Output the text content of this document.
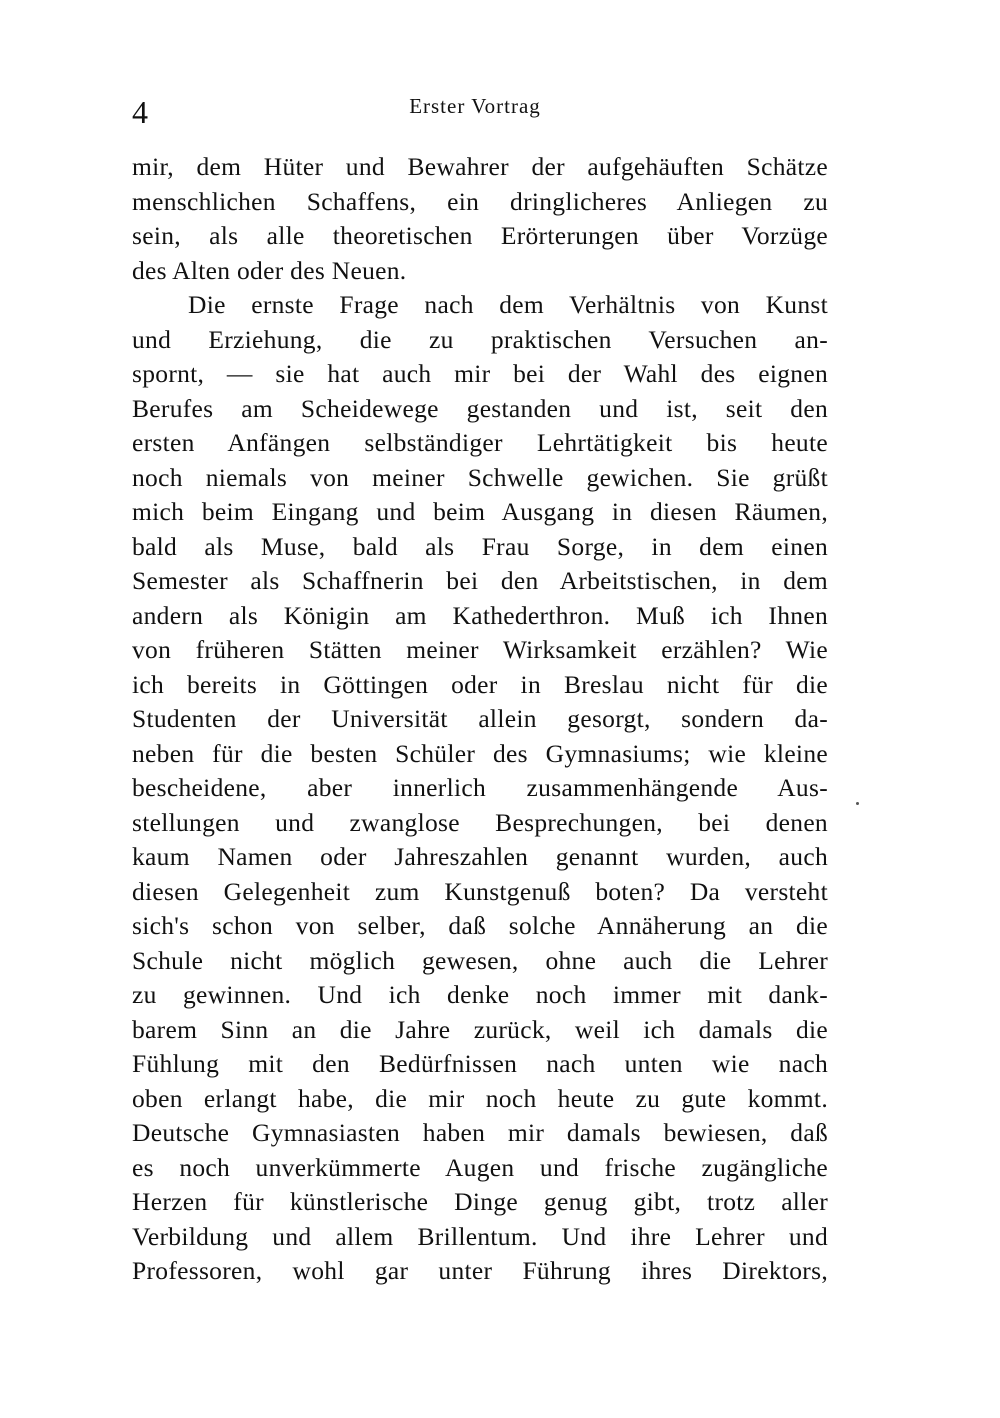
4	Erster Vortrag
mir, dem Hüter und Bewahrer der aufgehäuften Schätze
menschlichen Schaffens, ein dringlicheres Anliegen zu
sein, als alle theoretischen Erörterungen über Vorzüge
des Alten oder des Neuen.
Die ernste Frage nach dem Verhältnis von Kunst
und Erziehung, die zu praktischen Versuchen an-
spornt, — sie hat auch mir bei der Wahl des eignen
Berufes am Scheidewege gestanden und ist, seit den
ersten Anfängen selbständiger Lehrtätigkeit bis heute
noch niemals von meiner Schwelle gewichen. Sie grüßt
mich beim Eingang und beim Ausgang in diesen Räumen,
bald als Muse, bald als Frau Sorge, in dem einen
Semester als Schaffnerin bei den Arbeitstischen, in dem
andern als Königin am Kathederthron. Muß ich Ihnen
von früheren Stätten meiner Wirksamkeit erzählen? Wie
ich bereits in Göttingen oder in Breslau nicht für die
Studenten der Universität allein gesorgt, sondern da-
neben für die besten Schüler des Gymnasiums; wie kleine
bescheidene, aber innerlich zusammenhängende Aus-
stellungen und zwanglose Besprechungen, bei denen
kaum Namen oder Jahreszahlen genannt wurden, auch
diesen Gelegenheit zum Kunstgenuß boten? Da versteht
sich's schon von selber, daß solche Annäherung an die
Schule nicht möglich gewesen, ohne auch die Lehrer
zu gewinnen. Und ich denke noch immer mit dank-
barem Sinn an die Jahre zurück, weil ich damals die
Fühlung mit den Bedürfnissen nach unten wie nach
oben erlangt habe, die mir noch heute zu gute kommt.
Deutsche Gymnasiasten haben mir damals bewiesen, daß
es noch unverkümmerte Augen und frische zugängliche
Herzen für künstlerische Dinge genug gibt, trotz aller
Verbildung und allem Brillentum. Und ihre Lehrer und
Professoren, wohl gar unter Führung ihres Direktors,
